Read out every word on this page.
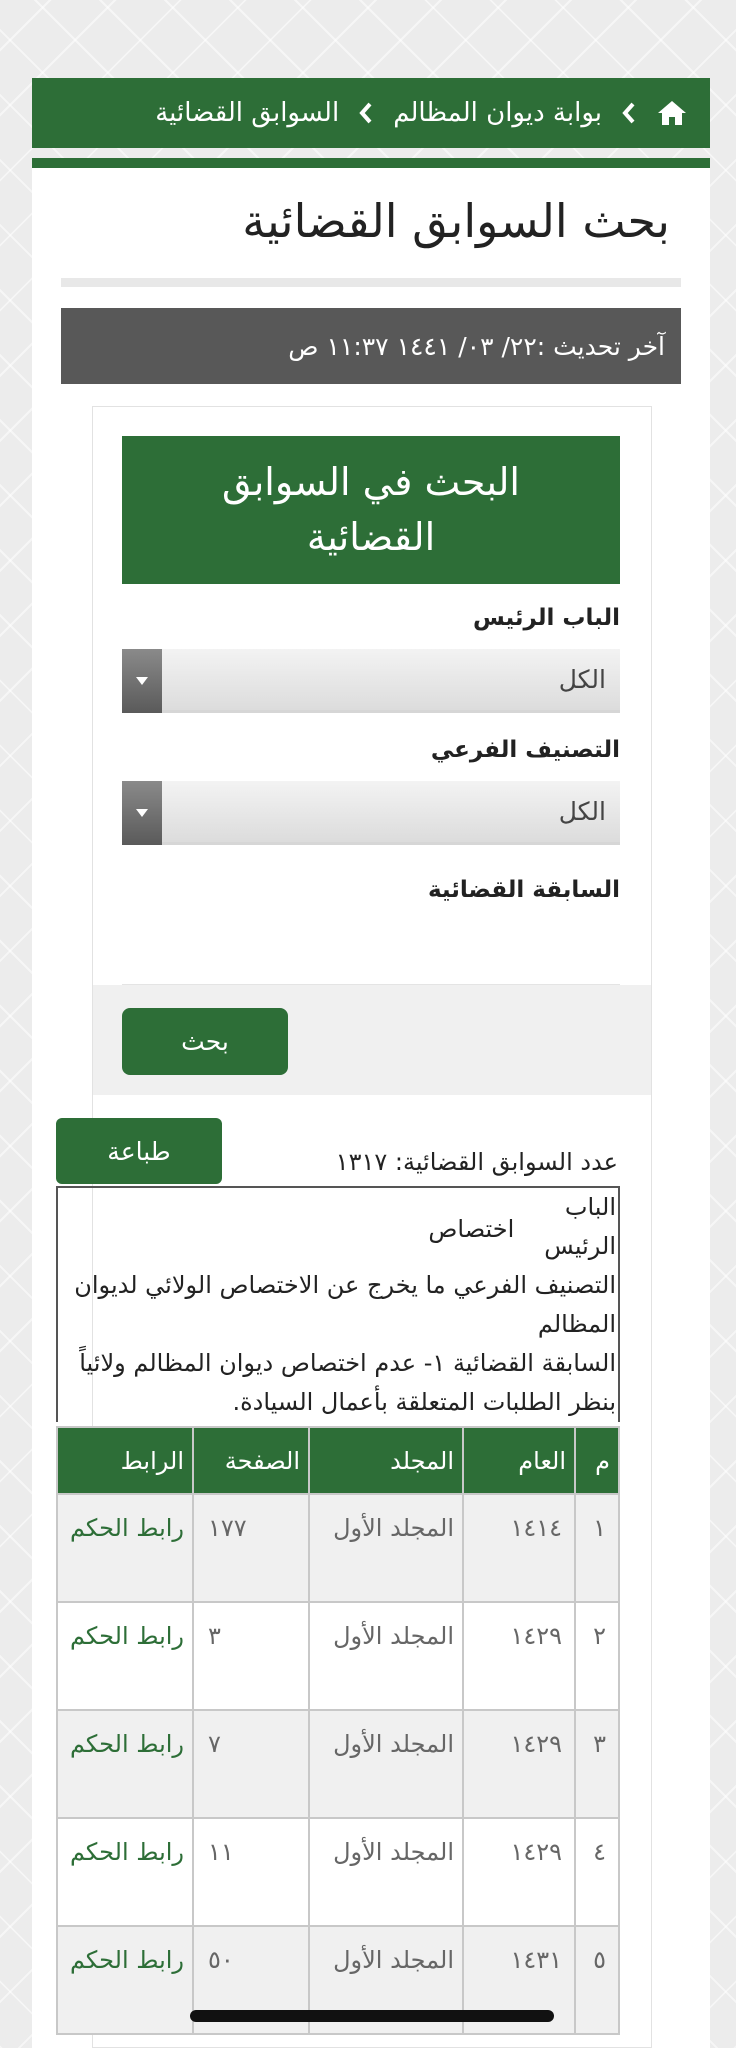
بوابة ديوان المظالم
السوابق القضائية
بحث السوابق القضائية
آخر تحديث :٢٢/ ٠٣/ ١٤٤١ ١١:٣٧ ص
البحث في السوابق القضائية
الباب الرئيس
الكل
التصنيف الفرعي
الكل
السابقة القضائية
بحث
طباعة	عدد السوابق القضائية: ١٣١٧
الباب الرئيس	اختصاص
التصنيف الفرعي ما يخرج عن الاختصاص الولائي لديوان المظالم
السابقة القضائية ١- عدم اختصاص ديوان المظالم ولائياً بنظر الطلبات المتعلقة بأعمال السيادة.
م	العام	المجلد	الصفحة	الرابط
١	١٤١٤	المجلد الأول	١٧٧	رابط الحكم
٢	١٤٢٩	المجلد الأول	٣	رابط الحكم
٣	١٤٢٩	المجلد الأول	٧	رابط الحكم
٤	١٤٢٩	المجلد الأول	١١	رابط الحكم
٥	١٤٣١	المجلد الأول	٥٠	رابط الحكم
